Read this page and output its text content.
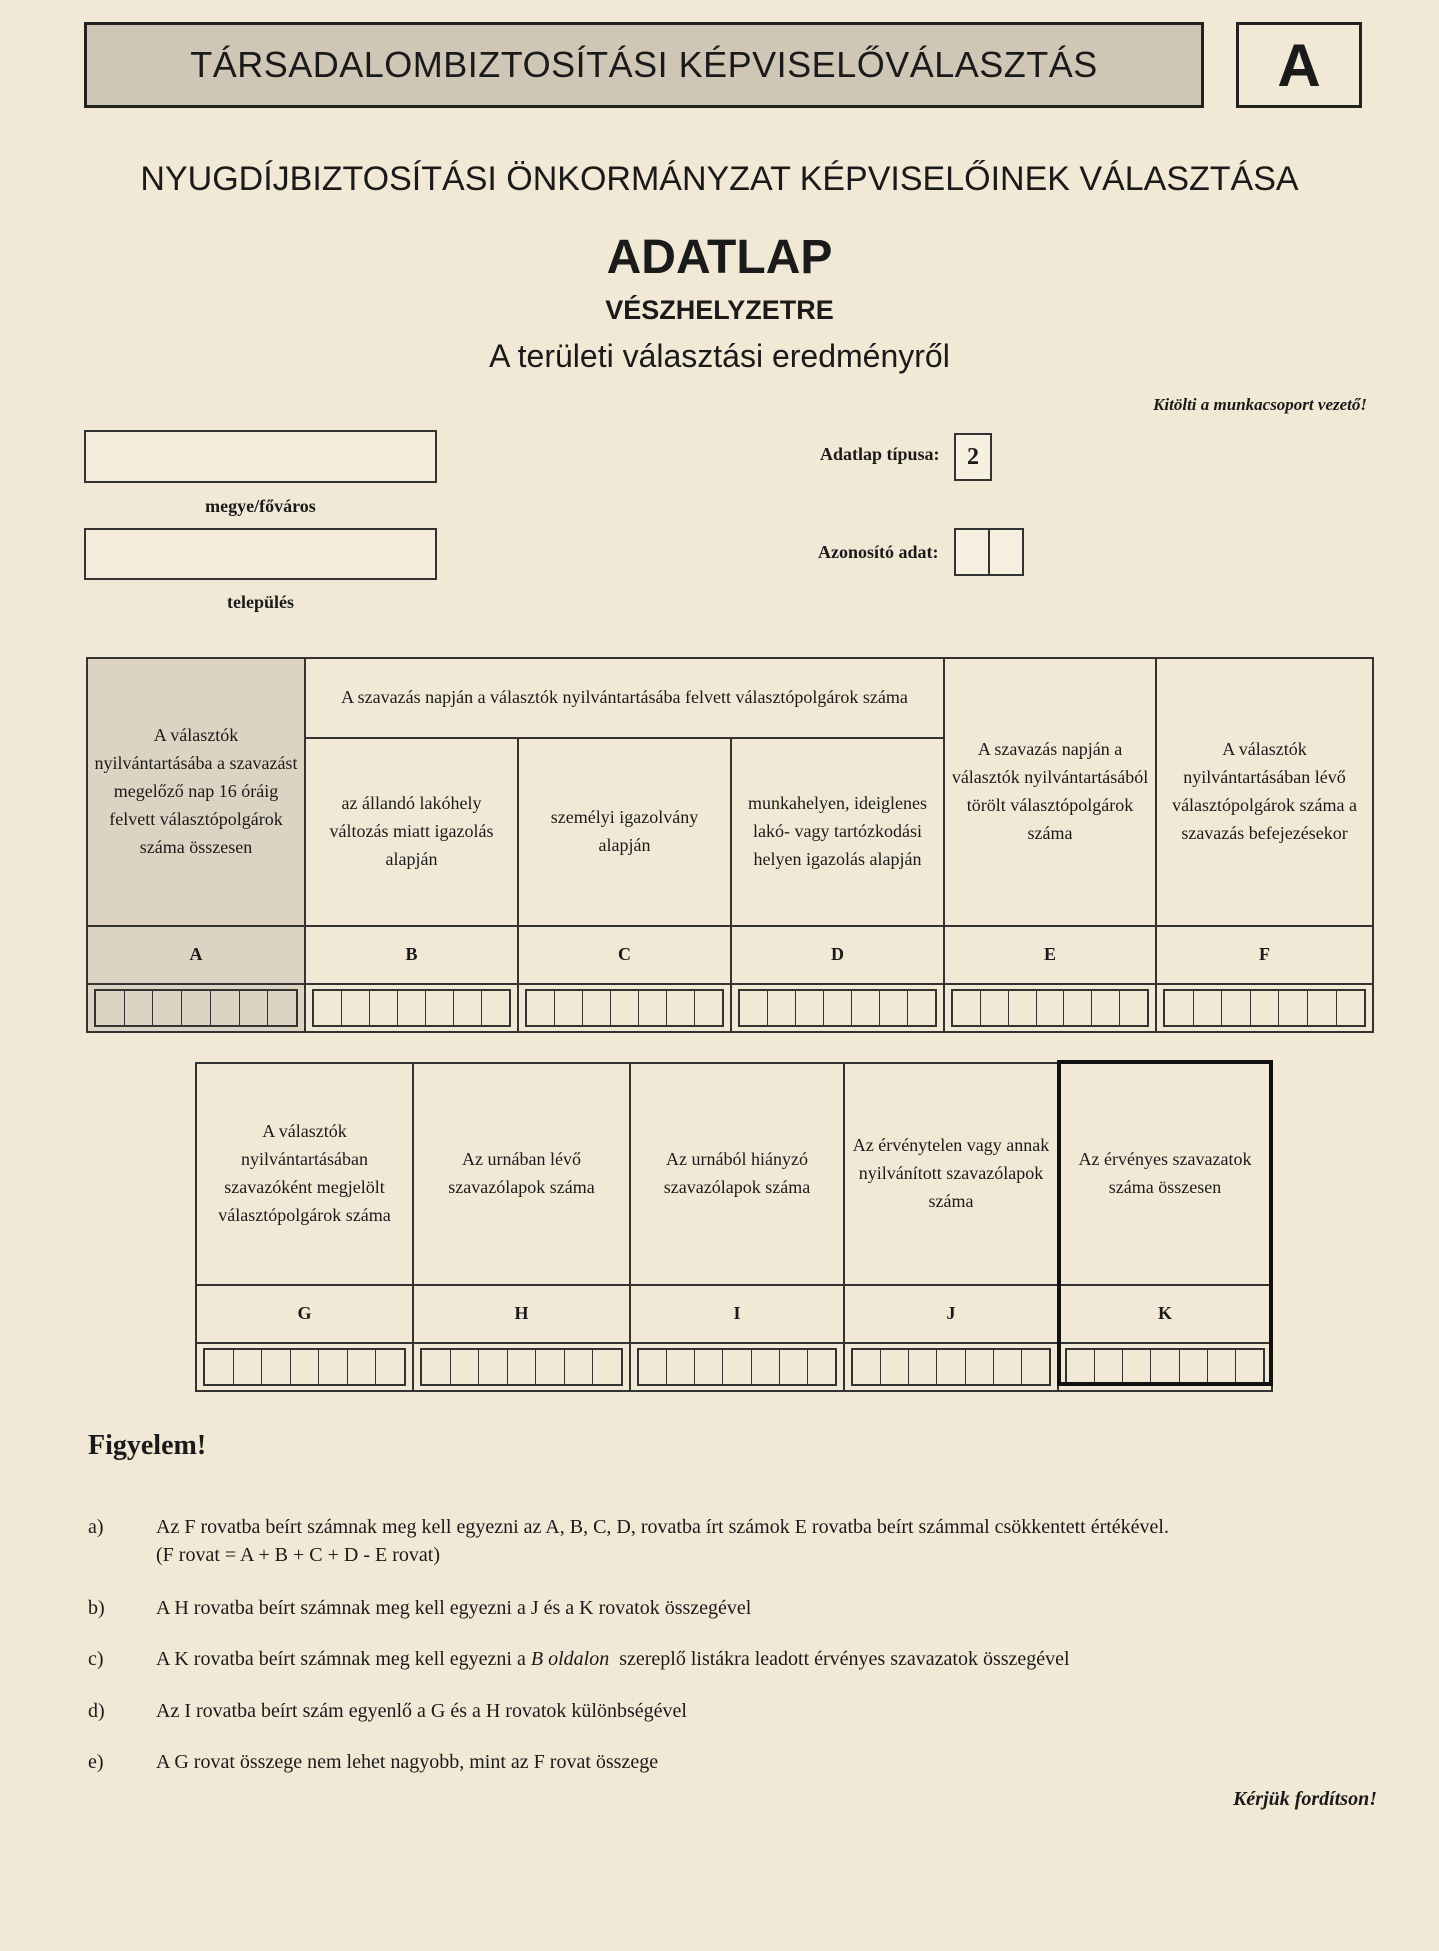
TÁRSADALOMBIZTOSÍTÁSI KÉPVISELŐVÁLASZTÁS	A
NYUGDÍJBIZTOSÍTÁSI ÖNKORMÁNYZAT KÉPVISELŐINEK VÁLASZTÁSA
ADATLAP
VÉSZHELYZETRE
A területi választási eredményről
Kitölti a munkacsoport vezető!
megye/főváros
település
Adatlap típusa:	2
Azonosító adat:
A választók nyilvántartásába a szavazást megelőző nap 16 óráig felvett választópolgárok száma összesen	A szavazás napján a választók nyilvántartásába felvett választópolgárok száma			A szavazás napján a választók nyilvántartásából törölt választópolgárok száma	A választók nyilvántartásában lévő választópolgárok száma a szavazás befejezésekor
	az állandó lakóhely változás miatt igazolás alapján	személyi igazolvány alapján	munkahelyen, ideiglenes lakó- vagy tartózkodási helyen igazolás alapján		
A	B	C	D	E	F

A választók nyilvántartásában szavazóként megjelölt választópolgárok száma	Az urnában lévő szavazólapok száma	Az urnából hiányzó szavazólapok száma	Az érvénytelen vagy annak nyilvánított szavazólapok száma	Az érvényes szavazatok száma összesen
G	H	I	J	K

Figyelem!
a)	Az F rovatba beírt számnak meg kell egyezni az A, B, C, D, rovatba írt számok E rovatba beírt számmal csökkentett értékével.
(F rovat = A + B + C + D - E rovat)
b)	A H rovatba beírt számnak meg kell egyezni a J és a K rovatok összegével
c)	A K rovatba beírt számnak meg kell egyezni a B oldalon  szereplő listákra leadott érvényes szavazatok összegével
d)	Az I rovatba beírt szám egyenlő a G és a H rovatok különbségével
e)	A G rovat összege nem lehet nagyobb, mint az F rovat összege
Kérjük fordítson!
